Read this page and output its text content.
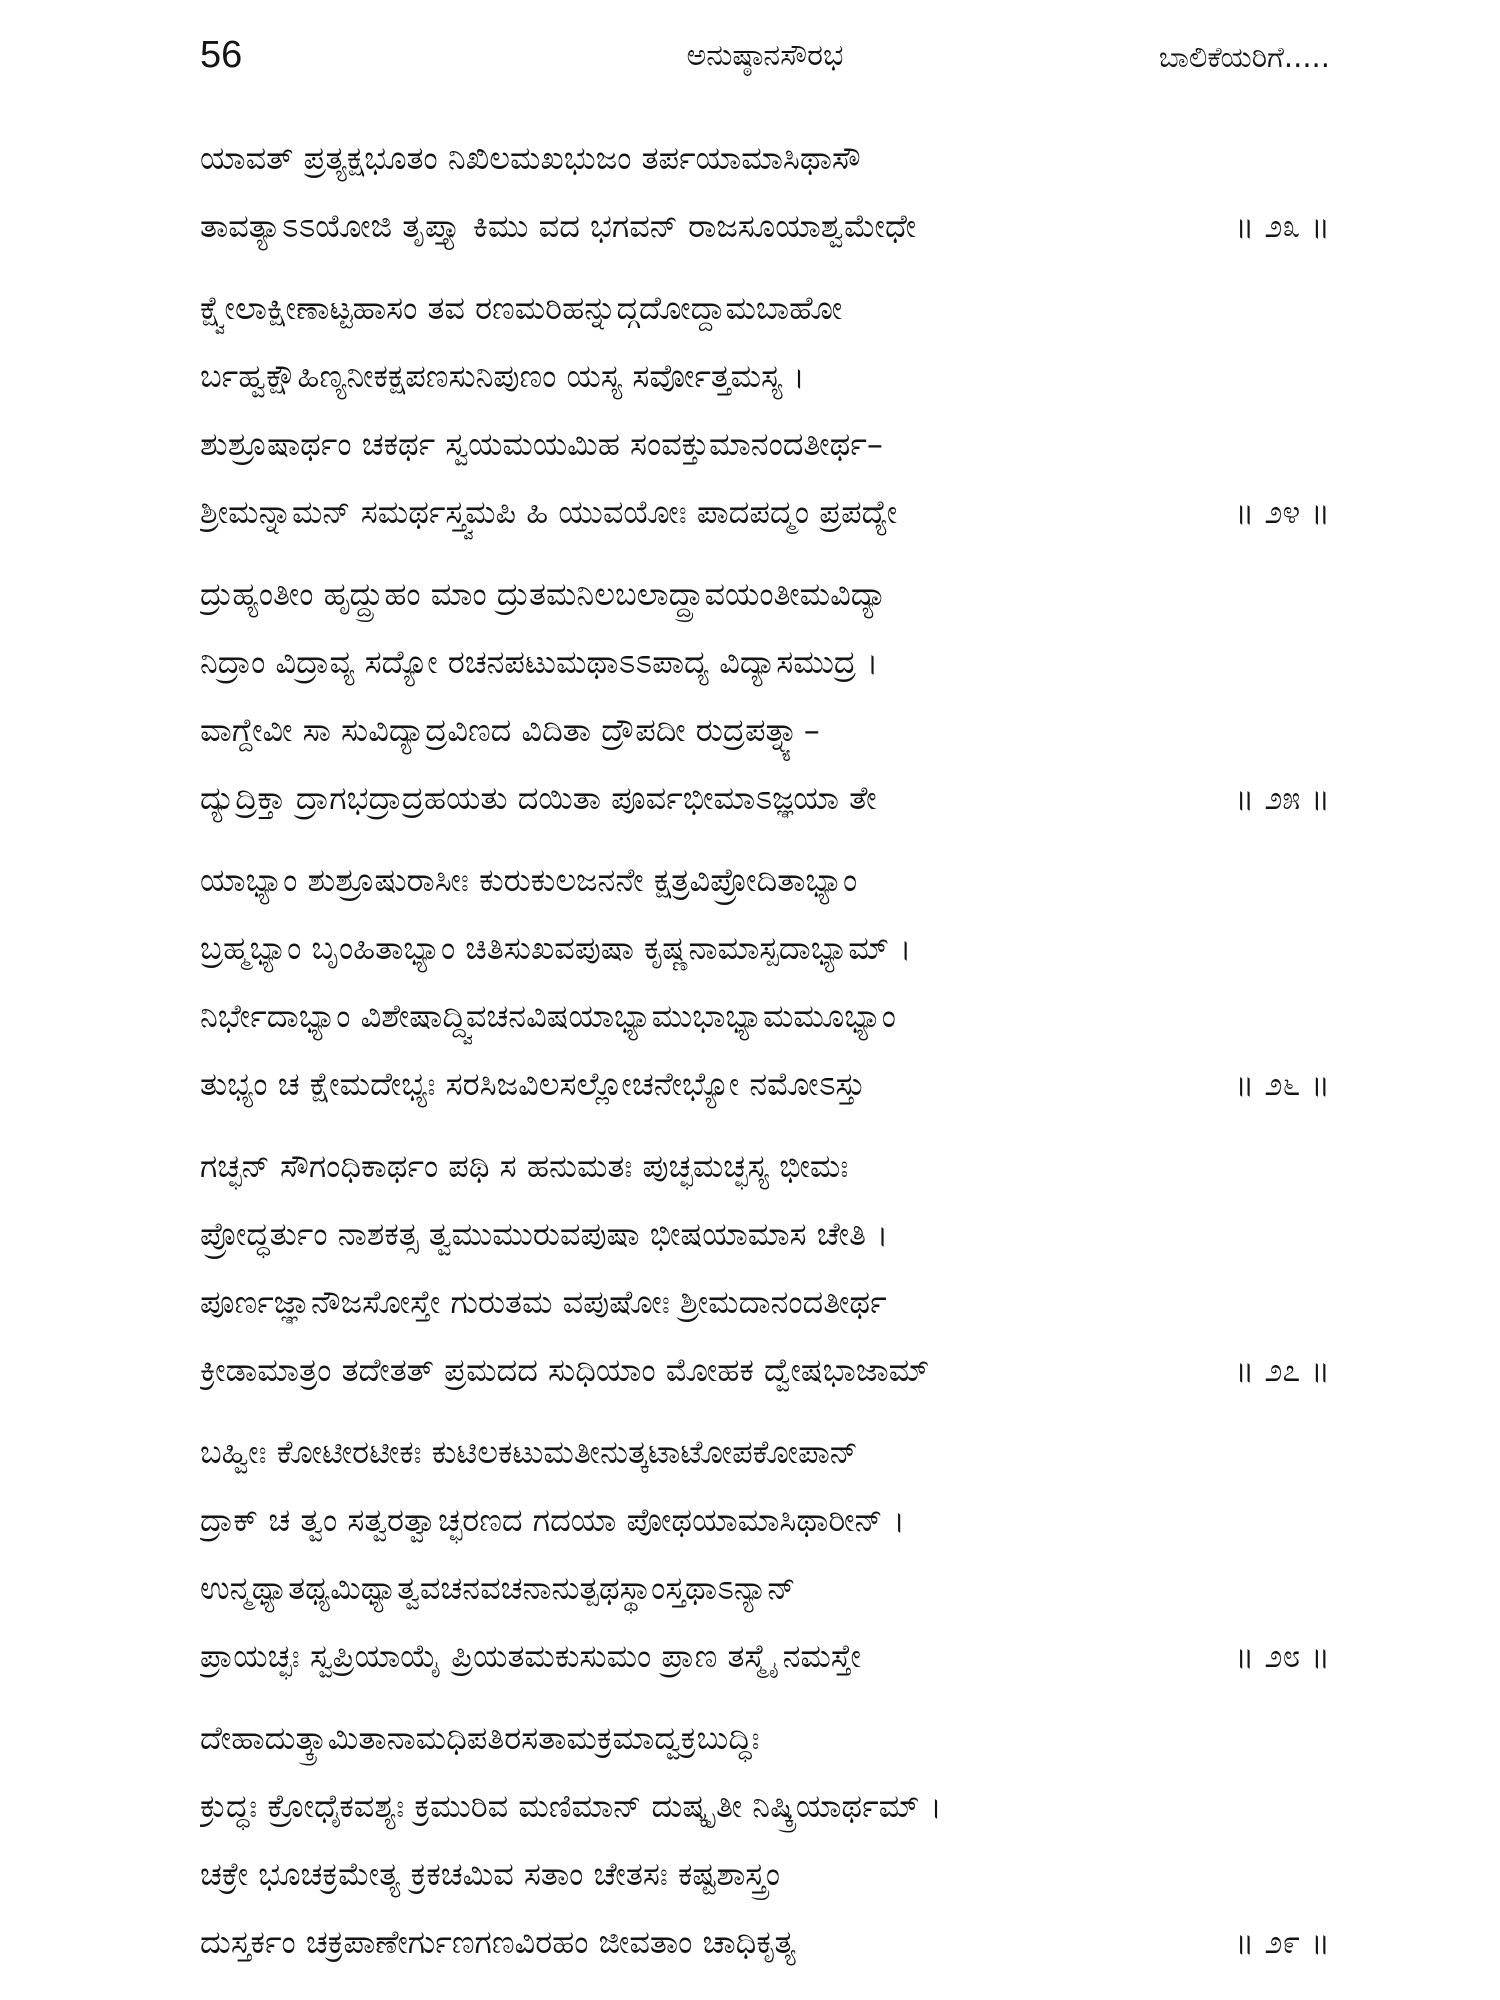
56	ಅನುಷ್ಠಾನಸೌರಭ	ಬಾಲಿಕೆಯರಿಗೆ.....
ಯಾವತ್ ಪ್ರತ್ಯಕ್ಷಭೂತಂ ನಿಖಿಲಮಖಭುಜಂ ತರ್ಪಯಾಮಾಸಿಥಾಸೌ
ತಾವತ್ಯಾಽಽಯೋಜಿ ತೃಪ್ತ್ಯಾ ಕಿಮು ವದ ಭಗವನ್ ರಾಜಸೂಯಾಶ್ವಮೇಧೇ	॥ ೨೩ ॥
ಕ್ಷ್ವೇಲಾಕ್ಷೀಣಾಟ್ಟಹಾಸಂ ತವ ರಣಮರಿಹನ್ನುದ್ಗದೋದ್ದಾಮಬಾಹೋ
ರ್ಬಹ್ವಕ್ಷೌಹಿಣ್ಯನೀಕಕ್ಷಪಣಸುನಿಪುಣಂ ಯಸ್ಯ ಸರ್ವೋತ್ತಮಸ್ಯ ।
ಶುಶ್ರೂಷಾರ್ಥಂ ಚಕರ್ಥ ಸ್ವಯಮಯಮಿಹ ಸಂವಕ್ತುಮಾನಂದತೀರ್ಥ–
ಶ್ರೀಮನ್ನಾಮನ್ ಸಮರ್ಥಸ್ತ್ವಮಪಿ ಹಿ ಯುವಯೋಃ ಪಾದಪದ್ಮಂ ಪ್ರಪದ್ಯೇ	॥ ೨೪ ॥
ದ್ರುಹ್ಯಂತೀಂ ಹೃದ್ದ್ರುಹಂ ಮಾಂ ದ್ರುತಮನಿಲಬಲಾದ್ದ್ರಾವಯಂತೀಮವಿದ್ಯಾ
ನಿದ್ರಾಂ ವಿದ್ರಾವ್ಯ ಸದ್ಯೋ ರಚನಪಟುಮಥಾಽಽಪಾದ್ಯ ವಿದ್ಯಾಸಮುದ್ರ ।
ವಾಗ್ದೇವೀ ಸಾ ಸುವಿದ್ಯಾದ್ರವಿಣದ ವಿದಿತಾ ದ್ರೌಪದೀ ರುದ್ರಪತ್ನ್ಯಾ–
ದ್ಯುದ್ರಿಕ್ತಾ ದ್ರಾಗಭದ್ರಾದ್ರಹಯತು ದಯಿತಾ ಪೂರ್ವಭೀಮಾಽಜ್ಞಯಾ ತೇ	॥ ೨೫ ॥
ಯಾಭ್ಯಾಂ ಶುಶ್ರೂಷುರಾಸೀಃ ಕುರುಕುಲಜನನೇ ಕ್ಷತ್ರವಿಪ್ರೋದಿತಾಭ್ಯಾಂ
ಬ್ರಹ್ಮಭ್ಯಾಂ ಬೃಂಹಿತಾಭ್ಯಾಂ ಚಿತಿಸುಖವಪುಷಾ ಕೃಷ್ಣನಾಮಾಸ್ಪದಾಭ್ಯಾಮ್ ।
ನಿರ್ಭೇದಾಭ್ಯಾಂ ವಿಶೇಷಾದ್ದ್ವಿವಚನವಿಷಯಾಭ್ಯಾಮುಭಾಭ್ಯಾಮಮೂಭ್ಯಾಂ
ತುಭ್ಯಂ ಚ ಕ್ಷೇಮದೇಭ್ಯಃ ಸರಸಿಜವಿಲಸಲ್ಲೋಚನೇಭ್ಯೋ ನಮೋಽಸ್ತು	॥ ೨೬ ॥
ಗಚ್ಛನ್ ಸೌಗಂಧಿಕಾರ್ಥಂ ಪಥಿ ಸ ಹನುಮತಃ ಪುಚ್ಛಮಚ್ಛಸ್ಯ ಭೀಮಃ
ಪ್ರೋದ್ಧರ್ತುಂ ನಾಶಕತ್ಸ ತ್ವಮುಮುರುವಪುಷಾ ಭೀಷಯಾಮಾಸ ಚೇತಿ ।
ಪೂರ್ಣಜ್ಞಾನೌಜಸೋಸ್ತೇ ಗುರುತಮ ವಪುಷೋಃ ಶ್ರೀಮದಾನಂದತೀರ್ಥ
ಕ್ರೀಡಾಮಾತ್ರಂ ತದೇತತ್ ಪ್ರಮದದ ಸುಧಿಯಾಂ ಮೋಹಕ ದ್ವೇಷಭಾಜಾಮ್	॥ ೨೭ ॥
ಬಹ್ವೀಃ ಕೋಟೀರಟೀಕಃ ಕುಟಿಲಕಟುಮತೀನುತ್ಕಟಾಟೋಪಕೋಪಾನ್
ದ್ರಾಕ್ ಚ ತ್ವಂ ಸತ್ವರತ್ವಾಚ್ಛರಣದ ಗದಯಾ ಪೋಥಯಾಮಾಸಿಥಾರೀನ್ ।
ಉನ್ಮಥ್ಯಾತಥ್ಯಮಿಥ್ಯಾತ್ವವಚನವಚನಾನುತ್ಪಥಸ್ಥಾಂಸ್ತಥಾಽನ್ಯಾನ್
ಪ್ರಾಯಚ್ಛಃ ಸ್ವಪ್ರಿಯಾಯೈ ಪ್ರಿಯತಮಕುಸುಮಂ ಪ್ರಾಣ ತಸ್ಮೈ ನಮಸ್ತೇ	॥ ೨೮ ॥
ದೇಹಾದುತ್ಕ್ರಾಮಿತಾನಾಮಧಿಪತಿರಸತಾಮಕ್ರಮಾದ್ವಕ್ರಬುದ್ಧಿಃ
ಕ್ರುದ್ಧಃ ಕ್ರೋಧೈಕವಶ್ಯಃ ಕ್ರಮುರಿವ ಮಣಿಮಾನ್ ದುಷ್ಕೃತೀ ನಿಷ್ಕ್ರಿಯಾರ್ಥಮ್ ।
ಚಕ್ರೇ ಭೂಚಕ್ರಮೇತ್ಯ ಕ್ರಕಚಮಿವ ಸತಾಂ ಚೇತಸಃ ಕಷ್ಟಶಾಸ್ತ್ರಂ
ದುಸ್ತರ್ಕಂ ಚಕ್ರಪಾಣೇರ್ಗುಣಗಣವಿರಹಂ ಜೀವತಾಂ ಚಾಧಿಕೃತ್ಯ	॥ ೨೯ ॥
